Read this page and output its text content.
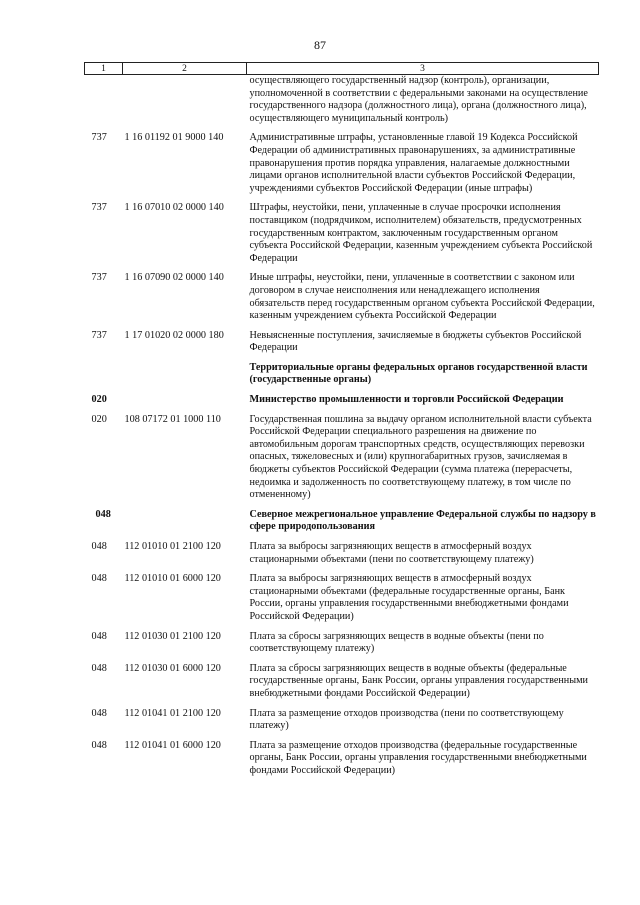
87
1	2	3
		осуществляющего государственный надзор (контроль), организации, уполномоченной в соответствии с федеральными законами на осуществление государственного надзора (должностного лица), органа (должностного лица), осуществляющего муниципальный контроль)
737	1 16 01192 01 9000 140	Административные штрафы, установленные главой 19 Кодекса Российской Федерации об административных правонарушениях, за административные правонарушения против порядка управления, налагаемые должностными лицами органов исполнительной власти субъектов Российской Федерации, учреждениями субъектов Российской Федерации (иные штрафы)
737	1 16 07010 02 0000 140	Штрафы, неустойки, пени, уплаченные в случае просрочки исполнения поставщиком (подрядчиком, исполнителем) обязательств, предусмотренных государственным контрактом, заключенным государственным органом субъекта Российской Федерации, казенным учреждением субъекта Российской Федерации
737	1 16 07090 02 0000 140	Иные штрафы, неустойки, пени, уплаченные в соответствии с законом или договором в случае неисполнения или ненадлежащего исполнения обязательств перед государственным органом субъекта Российской Федерации, казенным учреждением субъекта Российской Федерации
737	1 17 01020 02 0000 180	Невыясненные поступления, зачисляемые в бюджеты субъектов Российской Федерации
		Территориальные органы федеральных органов государственной власти (государственные органы)
020		Министерство промышленности и торговли Российской Федерации
020	108 07172 01 1000 110	Государственная пошлина за выдачу органом исполнительной власти субъекта Российской Федерации специального разрешения на движение по автомобильным дорогам транспортных средств, осуществляющих перевозки опасных, тяжеловесных и (или) крупногабаритных грузов, зачисляемая в бюджеты субъектов Российской Федерации (сумма платежа (перерасчеты, недоимка и задолженность по соответствующему платежу, в том числе по отмененному)
048		Северное межрегиональное управление Федеральной службы по надзору в сфере природопользования
048	112 01010 01 2100 120	Плата за выбросы загрязняющих веществ в атмосферный воздух стационарными объектами (пени по соответствующему платежу)
048	112 01010 01 6000 120	Плата за выбросы загрязняющих веществ в атмосферный воздух стационарными объектами (федеральные государственные органы, Банк России, органы управления государственными внебюджетными фондами Российской Федерации)
048	112 01030 01 2100 120	Плата за сбросы загрязняющих веществ в водные объекты (пени по соответствующему платежу)
048	112 01030 01 6000 120	Плата за сбросы загрязняющих веществ в водные объекты (федеральные государственные органы, Банк России, органы управления государственными внебюджетными фондами Российской Федерации)
048	112 01041 01 2100 120	Плата за размещение отходов производства (пени по соответствующему платежу)
048	112 01041 01 6000 120	Плата за размещение отходов производства (федеральные государственные органы, Банк России, органы управления государственными внебюджетными фондами Российской Федерации)
